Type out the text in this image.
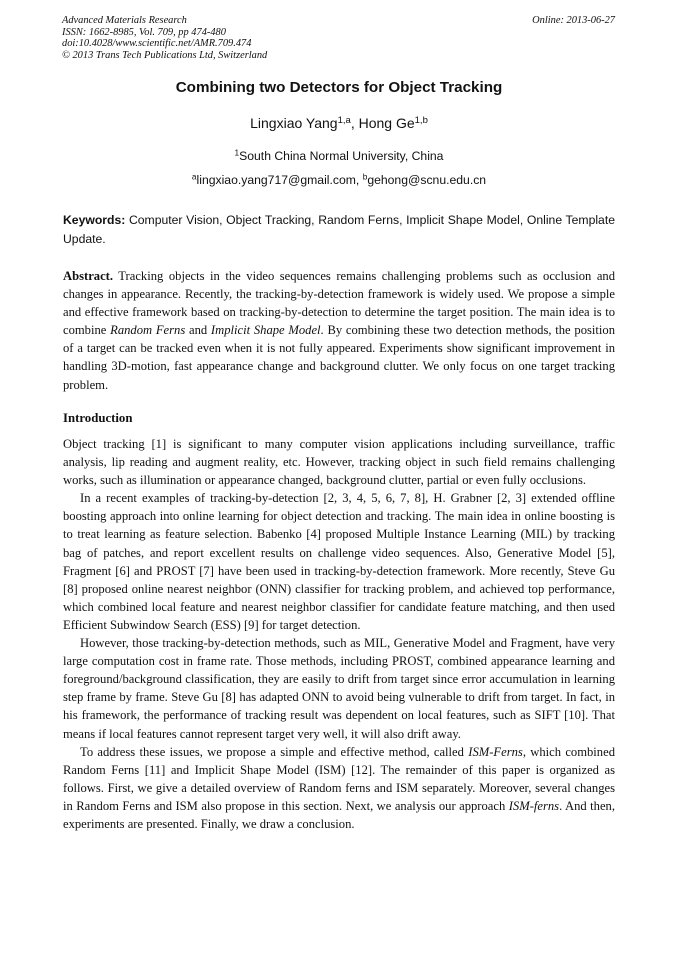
Advanced Materials Research
ISSN: 1662-8985, Vol. 709, pp 474-480
doi:10.4028/www.scientific.net/AMR.709.474
© 2013 Trans Tech Publications Ltd, Switzerland
Online: 2013-06-27
Combining two Detectors for Object Tracking
Lingxiao Yang$^{1,a}$, Hong Ge$^{1,b}$
$^1$South China Normal University, China
$^a$lingxiao.yang717@gmail.com, $^b$gehong@scnu.edu.cn
Keywords: Computer Vision, Object Tracking, Random Ferns, Implicit Shape Model, Online Template Update.
Abstract. Tracking objects in the video sequences remains challenging problems such as occlusion and changes in appearance. Recently, the tracking-by-detection framework is widely used. We propose a simple and effective framework based on tracking-by-detection to determine the target position. The main idea is to combine Random Ferns and Implicit Shape Model. By combining these two detection methods, the position of a target can be tracked even when it is not fully appeared. Experiments show significant improvement in handling 3D-motion, fast appearance change and background clutter. We only focus on one target tracking problem.
Introduction

Object tracking [1] is significant to many computer vision applications including surveillance, traffic analysis, lip reading and augment reality, etc. However, tracking object in such field remains challenging works, such as illumination or appearance changed, background clutter, partial or even fully occlusions.

In a recent examples of tracking-by-detection [2, 3, 4, 5, 6, 7, 8], H. Grabner [2, 3] extended offline boosting approach into online learning for object detection and tracking. The main idea in online boosting is to treat learning as feature selection. Babenko [4] proposed Multiple Instance Learning (MIL) by tracking bag of patches, and report excellent results on challenge video sequences. Also, Generative Model [5], Fragment [6] and PROST [7] have been used in tracking-by-detection framework. More recently, Steve Gu [8] proposed online nearest neighbor (ONN) classifier for tracking problem, and achieved top performance, which combined local feature and nearest neighbor classifier for candidate feature matching, and then used Efficient Subwindow Search (ESS) [9] for target detection.

However, those tracking-by-detection methods, such as MIL, Generative Model and Fragment, have very large computation cost in frame rate. Those methods, including PROST, combined appearance learning and foreground/background classification, they are easily to drift from target since error accumulation in learning step frame by frame. Steve Gu [8] has adapted ONN to avoid being vulnerable to drift from target. In fact, in his framework, the performance of tracking result was dependent on local features, such as SIFT [10]. That means if local features cannot represent target very well, it will also drift away.

To address these issues, we propose a simple and effective method, called ISM-Ferns, which combined Random Ferns [11] and Implicit Shape Model (ISM) [12]. The remainder of this paper is organized as follows. First, we give a detailed overview of Random ferns and ISM separately. Moreover, several changes in Random Ferns and ISM also propose in this section. Next, we analysis our approach ISM-ferns. And then, experiments are presented. Finally, we draw a conclusion.
